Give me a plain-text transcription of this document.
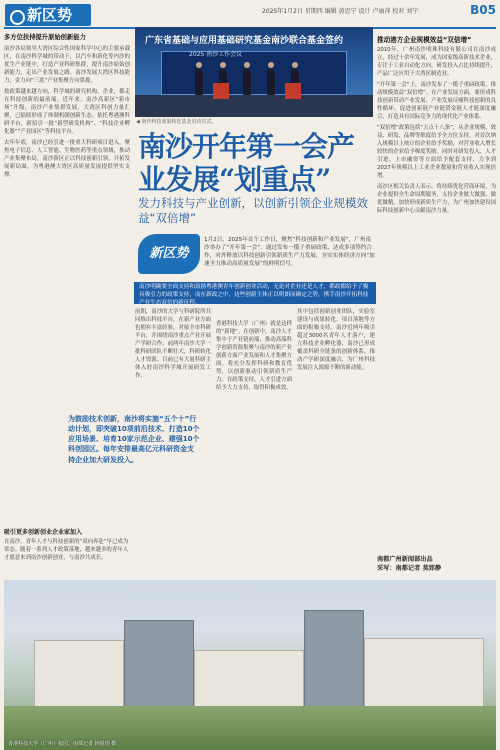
新区势	2025年1月2日 星期四 编辑 黄思宁 设计 卢丽萍 校对 刘宁	B05
多方位扶持提升原始创新能力

南沙各局领导大湾区综合性国家科学中心的主要承载区，在南沙科学城的带动下，以汽车和新化等内沙的优生产业链中，打造产业科研集群，提升南沙原始创新能力，走出产业发展之路。南沙发展大湾区科技能力，金力向“三底”产业集聚方向靠拢。

按政策越来越方向，科学城的研究机构、企业，都走在科技创新的最前端。近年来，南沙高新区“新市场”升级，南沙产业集群发展，大湾区科创力量汇聚，已陆续形成了体制机制创新生态。依托粤港澳科研平台，新招引一批“新型研发机构”、“科技企业孵化器”“产业园区”等科技平台。

去年年底，南沙已经引进一批重大科研项目进入，聚焦电子信息、人工智能、生物医药等重点领域，推动产业集聚布局，南沙新区正以科技创新引领，开拓发展新局面，为粤港澳大湾区高质量发展提供坚实支撑。

广东省基础与应用基础研究基金南沙联合基金签约
2025 南沙工作会议
◀ 南沙科技成果转化基金启动仪式。
南沙开年第一会产业发展“划重点”
发力科技与产业创新，以创新引领企业规模效益“双倍增”
新区势
1月2日，2025年首个工作日，聚焦“科技创新和产业发展”，广州南沙举办了“开年第一会”。通过发布一揽子重磅政策、达成多项签约合作，对外释放以科技创新引领新质生产力发展，夯实实体经济方向“加速全力推动高质量发展”的鲜明信号。
南沙明确要全面支持和鼓励粤港澳青年创新创业活动，无论对企业还是人才，都政都给予了极具吸引力的政策支持，而在新政之中，这些创新主体正以明朗而确定之势，携手南沙开拓科技产业生态双倍的新征程。
前期，南沙的大学与科研院所共同推出科技平台，在新产业方面也拥有丰富经验，对接全市科研平台，并围绕南沙重点产业开展产学研合作。前两年南沙大学一批科研团队不断壮大，科研转化人才资源。目前已有大量科研主体入驻南沙科学城开展研发工作。
香港科技大学（广州）就是这样的“新地”。在创新中，南沙人才集中于产业链前端，推动高端科学创新资源集聚与南沙的新产业创新方面产业发展和人才集聚方面，将充分发挥科研和教育优势，以创新驱动引领新质生产力。在政策支持、人才引进方面给予大力支持，取得积极成效。
其中包括创新创业团队，实验室建设与成果转化。项目落地等方面的积极支持。南沙近两年吸引超过3000名青年人才落户，建立科技企业孵化器，南沙已形成覆盖科研全链条的创新体系，推动产学研深度融合，为广州科技发展注入源源不断的新动能。

为鼓励技术创新，南沙将实施“五个十”行动计划，即突破10项前沿技术、打造10个应用场景、培育10家示范企业、建强10个科创园区。每年安排最高亿元科研资金支持企业加大研发投入。

吸引更多创新创业企业家加入
在南沙，青年人才与科技创新的“双向奔赴”早已成为常态。随着一系列人才政策落地，越来越多的青年人才愿意来到南沙创新创业，与南沙共成长。
推动港方企业规模效益“双倍增”

2010年，广州南沙明珠科技有限公司在南沙成立，经过十余年发展，成为国家级高新技术企业，专注于工业自动化方向，研发投入占比持续提升，产品广泛应用于大湾区制造业。

“开年第一会”上，南沙发布了一揽子重磅政策，推动规模效益“双倍增”。在产业发展方面，要形成科技创新带动产业发展、产业发展反哺科技创新的良性循环，促进创新链产业链资金链人才链深度融合，打造具有国际竞争力的现代化产业体系。

“双倍增”政策包括“五点十八条”，从企业规模、效益、研发、品牌等维度给予全方位支持。对首次纳入规模以上统计的企业给予奖励，对营业收入增长较快的企业给予梯度奖励。同时对研发投入、人才引进、上市融资等方面给予配套支持，力争到2027年规模以上工业企业数量和营业收入实现倍增。

南沙区相关负责人表示，将持续优化营商环境，为企业提供全生命周期服务，支持企业做大做强、做优做精，加快形成新质生产力，为广州加快建设国际科技创新中心贡献南沙力量。

南都广州新闻部出品
采写：南都记者 莫郅静
香港科技大学（广州）校园。南都记者 钟锐钧 摄
